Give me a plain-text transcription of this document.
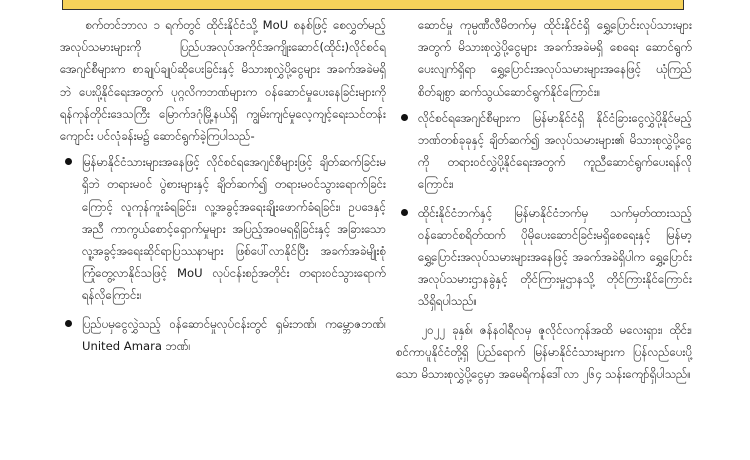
စက်တင်ဘာလ ၁ ရက်တွင် ထိုင်းနိုင်ငံသို့ MoU စနစ်ဖြင့် စေလွှတ်မည့် အလုပ်သမားများကို ပြည်ပအလုပ်အကိုင်အကျိုးဆောင်(ထိုင်း)လိုင်စင်ရအေဂျင်စီများက စာချုပ်ချုပ်ဆိုပေးခြင်းနှင့် မိသားစုလွှဲပို့ငွေများ အခက်အခဲမရှိဘဲ ပေးပို့နိုင်ရေးအတွက် ပုဂ္ဂလိကဘဏ်များက ဝန်ဆောင်မှုပေးနေခြင်းများကို ရန်ကုန်တိုင်းဒေသကြီး မြောက်ဒဂုံမြို့နယ်ရှိ ကျွမ်းကျင်မှုလေ့ကျင့်ရေးသင်တန်းကျောင်း ပင်လုံခန်းမ၌ ဆောင်ရွက်ခဲ့ကြပါသည်-

မြန်မာနိုင်ငံသားများအနေဖြင့် လိုင်စင်ရအေဂျင်စီများဖြင့် ချိတ်ဆက်ခြင်းမရှိဘဲ တရားမဝင် ပွဲစားများနှင့် ချိတ်ဆက်၍ တရားမဝင်သွားရောက်ခြင်းကြောင့် လူကုန်ကူးခံရခြင်း၊ လူ့အခွင့်အရေးချိုးဖောက်ခံရခြင်း၊ ဥပဒေနှင့်အညီ ကာကွယ်စောင့်ရှောက်မှုများ အပြည့်အဝမရရှိခြင်းနှင့် အခြားသော လူ့အခွင့်အရေးဆိုင်ရာပြဿနာများ ဖြစ်ပေါ်လာနိုင်ပြီး အခက်အခဲမျိုးစုံ ကြုံတွေ့လာနိုင်သဖြင့် MoU လုပ်ငန်းစဉ်အတိုင်း တရားဝင်သွားရောက်ရန်လိုကြောင်း၊
ပြည်ပမှငွေလွှဲသည့် ဝန်ဆောင်မှုလုပ်ငန်းတွင် ရှမ်းဘဏ်၊ ကမ္ဘောဇဘဏ်၊ United Amara ဘဏ်၊

ဆောင်မှု ကုမ္ပဏီလီမိတက်မှ ထိုင်းနိုင်ငံရှိ ရွှေ့ပြောင်းလုပ်သားများအတွက် မိသားစုလွှဲပို့ငွေများ အခက်အခဲမရှိ စေရေး ဆောင်ရွက်ပေးလျက်ရှိရာ ရွှေ့ပြောင်းအလုပ်သမားများအနေဖြင့် ယုံကြည်စိတ်ချစွာ ဆက်သွယ်ဆောင်ရွက်နိုင်ကြောင်း။

လိုင်စင်ရအေဂျင်စီများက မြန်မာနိုင်ငံရှိ နိုင်ငံခြားငွေလွှဲပို့နိုင်မည့် ဘဏ်တစ်ခုခုနှင့် ချိတ်ဆက်၍ အလုပ်သမားများ၏ မိသားစုလွှဲပို့ငွေကို တရားဝင်လွှဲပို့နိုင်ရေးအတွက် ကူညီဆောင်ရွက်ပေးရန်လိုကြောင်း၊
ထိုင်းနိုင်ငံဘက်နှင့် မြန်မာနိုင်ငံဘက်မှ သက်မှတ်ထားသည့် ဝန်ဆောင်စရိတ်ထက် ပိုမိုပေးဆောင်ခြင်းမရှိစေရေးနှင့် မြန်မာ့ရွှေ့ပြောင်းအလုပ်သမားများအနေဖြင့် အခက်အခဲရှိပါက ရွှေ့ပြောင်းအလုပ်သမားဌာနခွဲနှင့် တိုင်ကြားမှုဌာနသို့ တိုင်ကြားနိုင်ကြောင်း သိရှိရပါသည်။

၂၀၂၂ ခုနှစ်၊ ဇန်နဝါရီလမှ ဇူလိုင်လကုန်အထိ မလေးရှား၊ ထိုင်း၊ စင်ကာပူနိုင်ငံတို့ရှိ ပြည်ရောက် မြန်မာနိုင်ငံသားများက ပြန်လည်ပေးပို့သော မိသားစုလွှဲပို့ငွေမှာ အမေရိကန်ဒေါ်လာ ၂၆၄ သန်းကျော်ရှိပါသည်။
